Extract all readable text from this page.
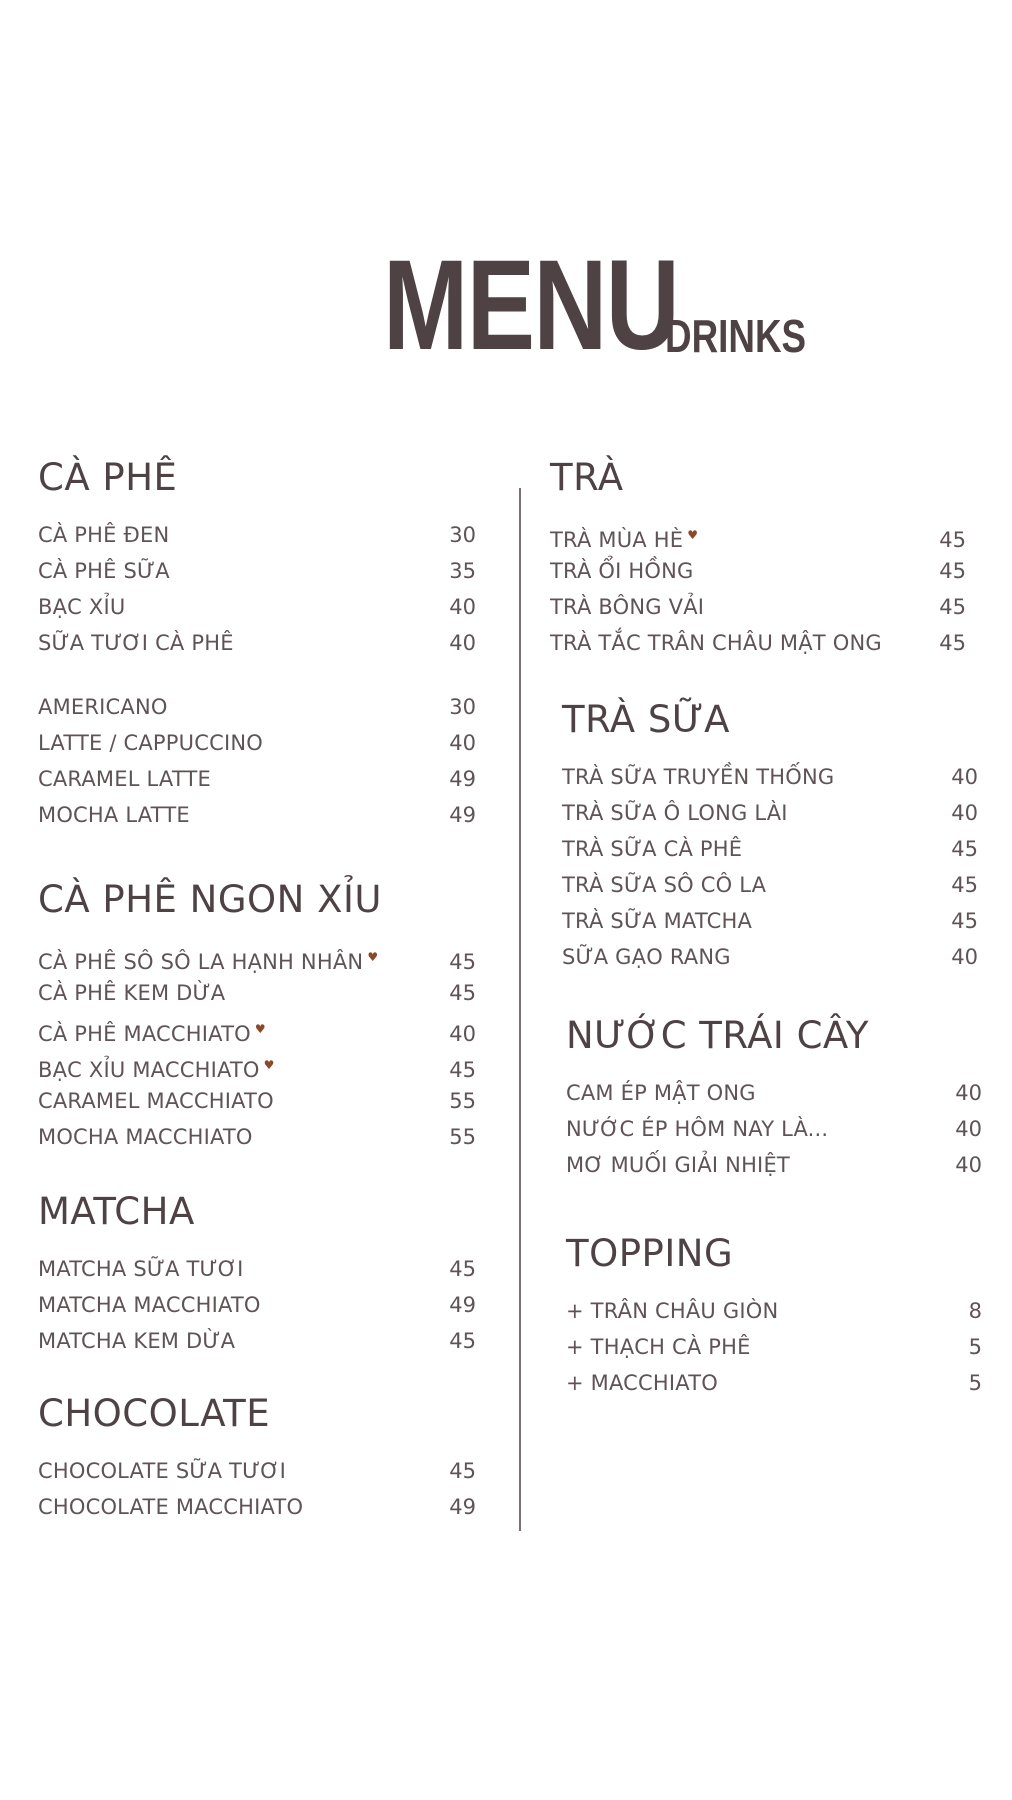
MENU
DRINKS
CÀ PHÊ
CÀ PHÊ ĐEN	30
CÀ PHÊ SỮA	35
BẠC XỈU	40
SỮA TƯƠI CÀ PHÊ	40
AMERICANO	30
LATTE / CAPPUCCINO	40
CARAMEL LATTE	49
MOCHA LATTE	49
CÀ PHÊ NGON XỈU
CÀ PHÊ SÔ SÔ LA HẠNH NHÂN ♥	45
CÀ PHÊ KEM DỪA	45
CÀ PHÊ MACCHIATO ♥	40
BẠC XỈU MACCHIATO ♥	45
CARAMEL MACCHIATO	55
MOCHA MACCHIATO	55
MATCHA
MATCHA SỮA TƯƠI	45
MATCHA MACCHIATO	49
MATCHA KEM DỪA	45
CHOCOLATE
CHOCOLATE SỮA TƯƠI	45
CHOCOLATE MACCHIATO	49
TRÀ
TRÀ MÙA HÈ ♥	45
TRÀ ỔI HỒNG	45
TRÀ BÔNG VẢI	45
TRÀ TẮC TRÂN CHÂU MẬT ONG	45
TRÀ SỮA
TRÀ SỮA TRUYỀN THỐNG	40
TRÀ SỮA Ô LONG LÀI	40
TRÀ SỮA CÀ PHÊ	45
TRÀ SỮA SÔ CÔ LA	45
TRÀ SỮA MATCHA	45
SỮA GẠO RANG	40
NƯỚC TRÁI CÂY
CAM ÉP MẬT ONG	40
NƯỚC ÉP HÔM NAY LÀ...	40
MƠ MUỐI GIẢI NHIỆT	40
TOPPING
+ TRÂN CHÂU GIÒN	8
+ THẠCH CÀ PHÊ	5
+ MACCHIATO	5
